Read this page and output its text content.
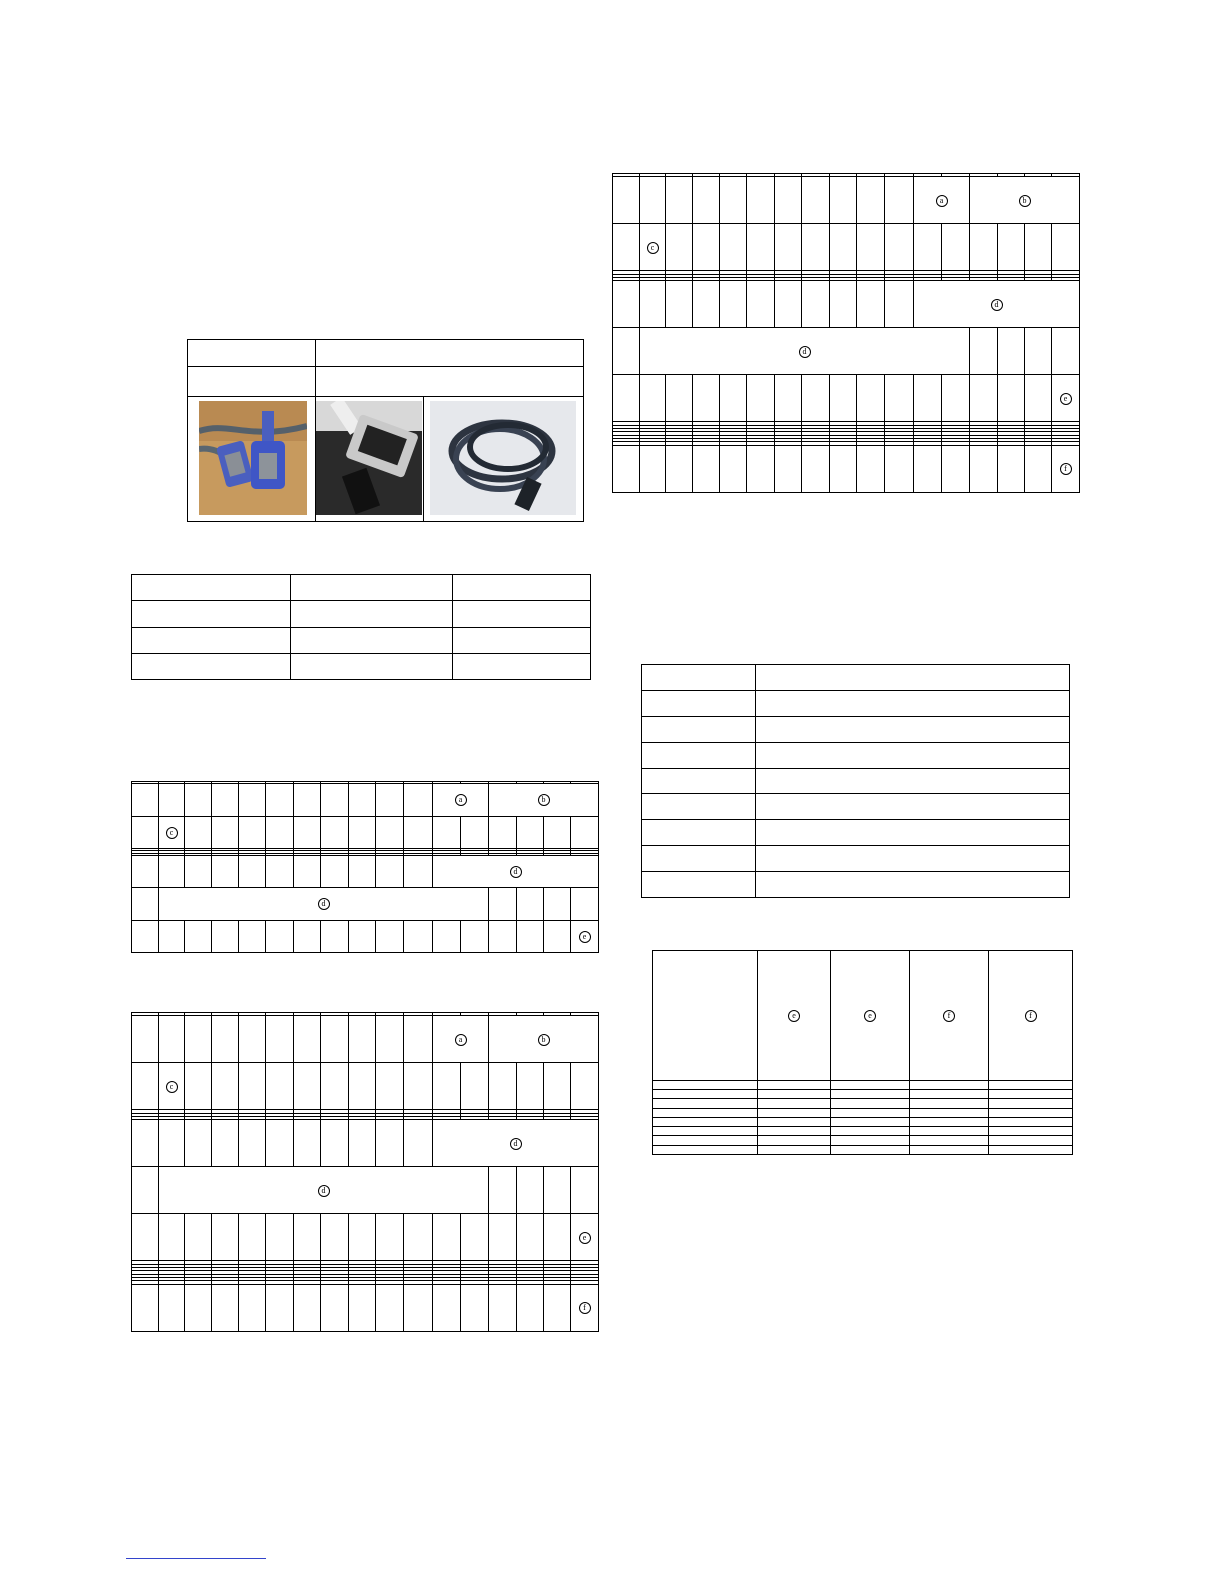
											a		b			
	c															

											d					
	d															
																e

											a		b			
	c															

											d					
	d															
																e

																f

											a		b			
	c															

											d					
	d															
																e

																f

	e	e	f	f
